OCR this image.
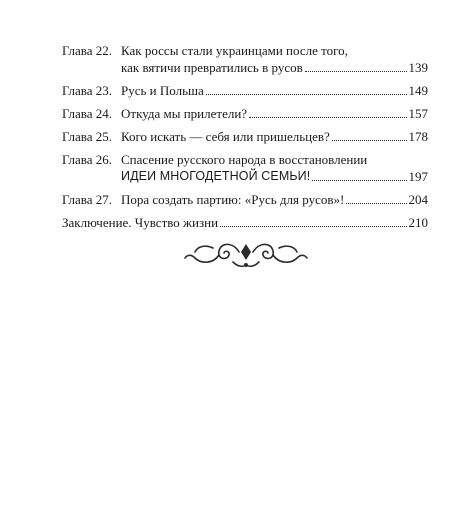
Глава 22. Как россы стали украинцами после того,
как вятичи превратились в русов	139
Глава 23. Русь и Польша	149
Глава 24. Откуда мы прилетели?	157
Глава 25. Кого искать — себя или пришельцев?	178
Глава 26. Спасение русского народа в восстановлении
ИДЕИ МНОГОДЕТНОЙ СЕМЬИ!	197
Глава 27. Пора создать партию: «Русь для русов»!	204
Заключение. Чувство жизни	210
